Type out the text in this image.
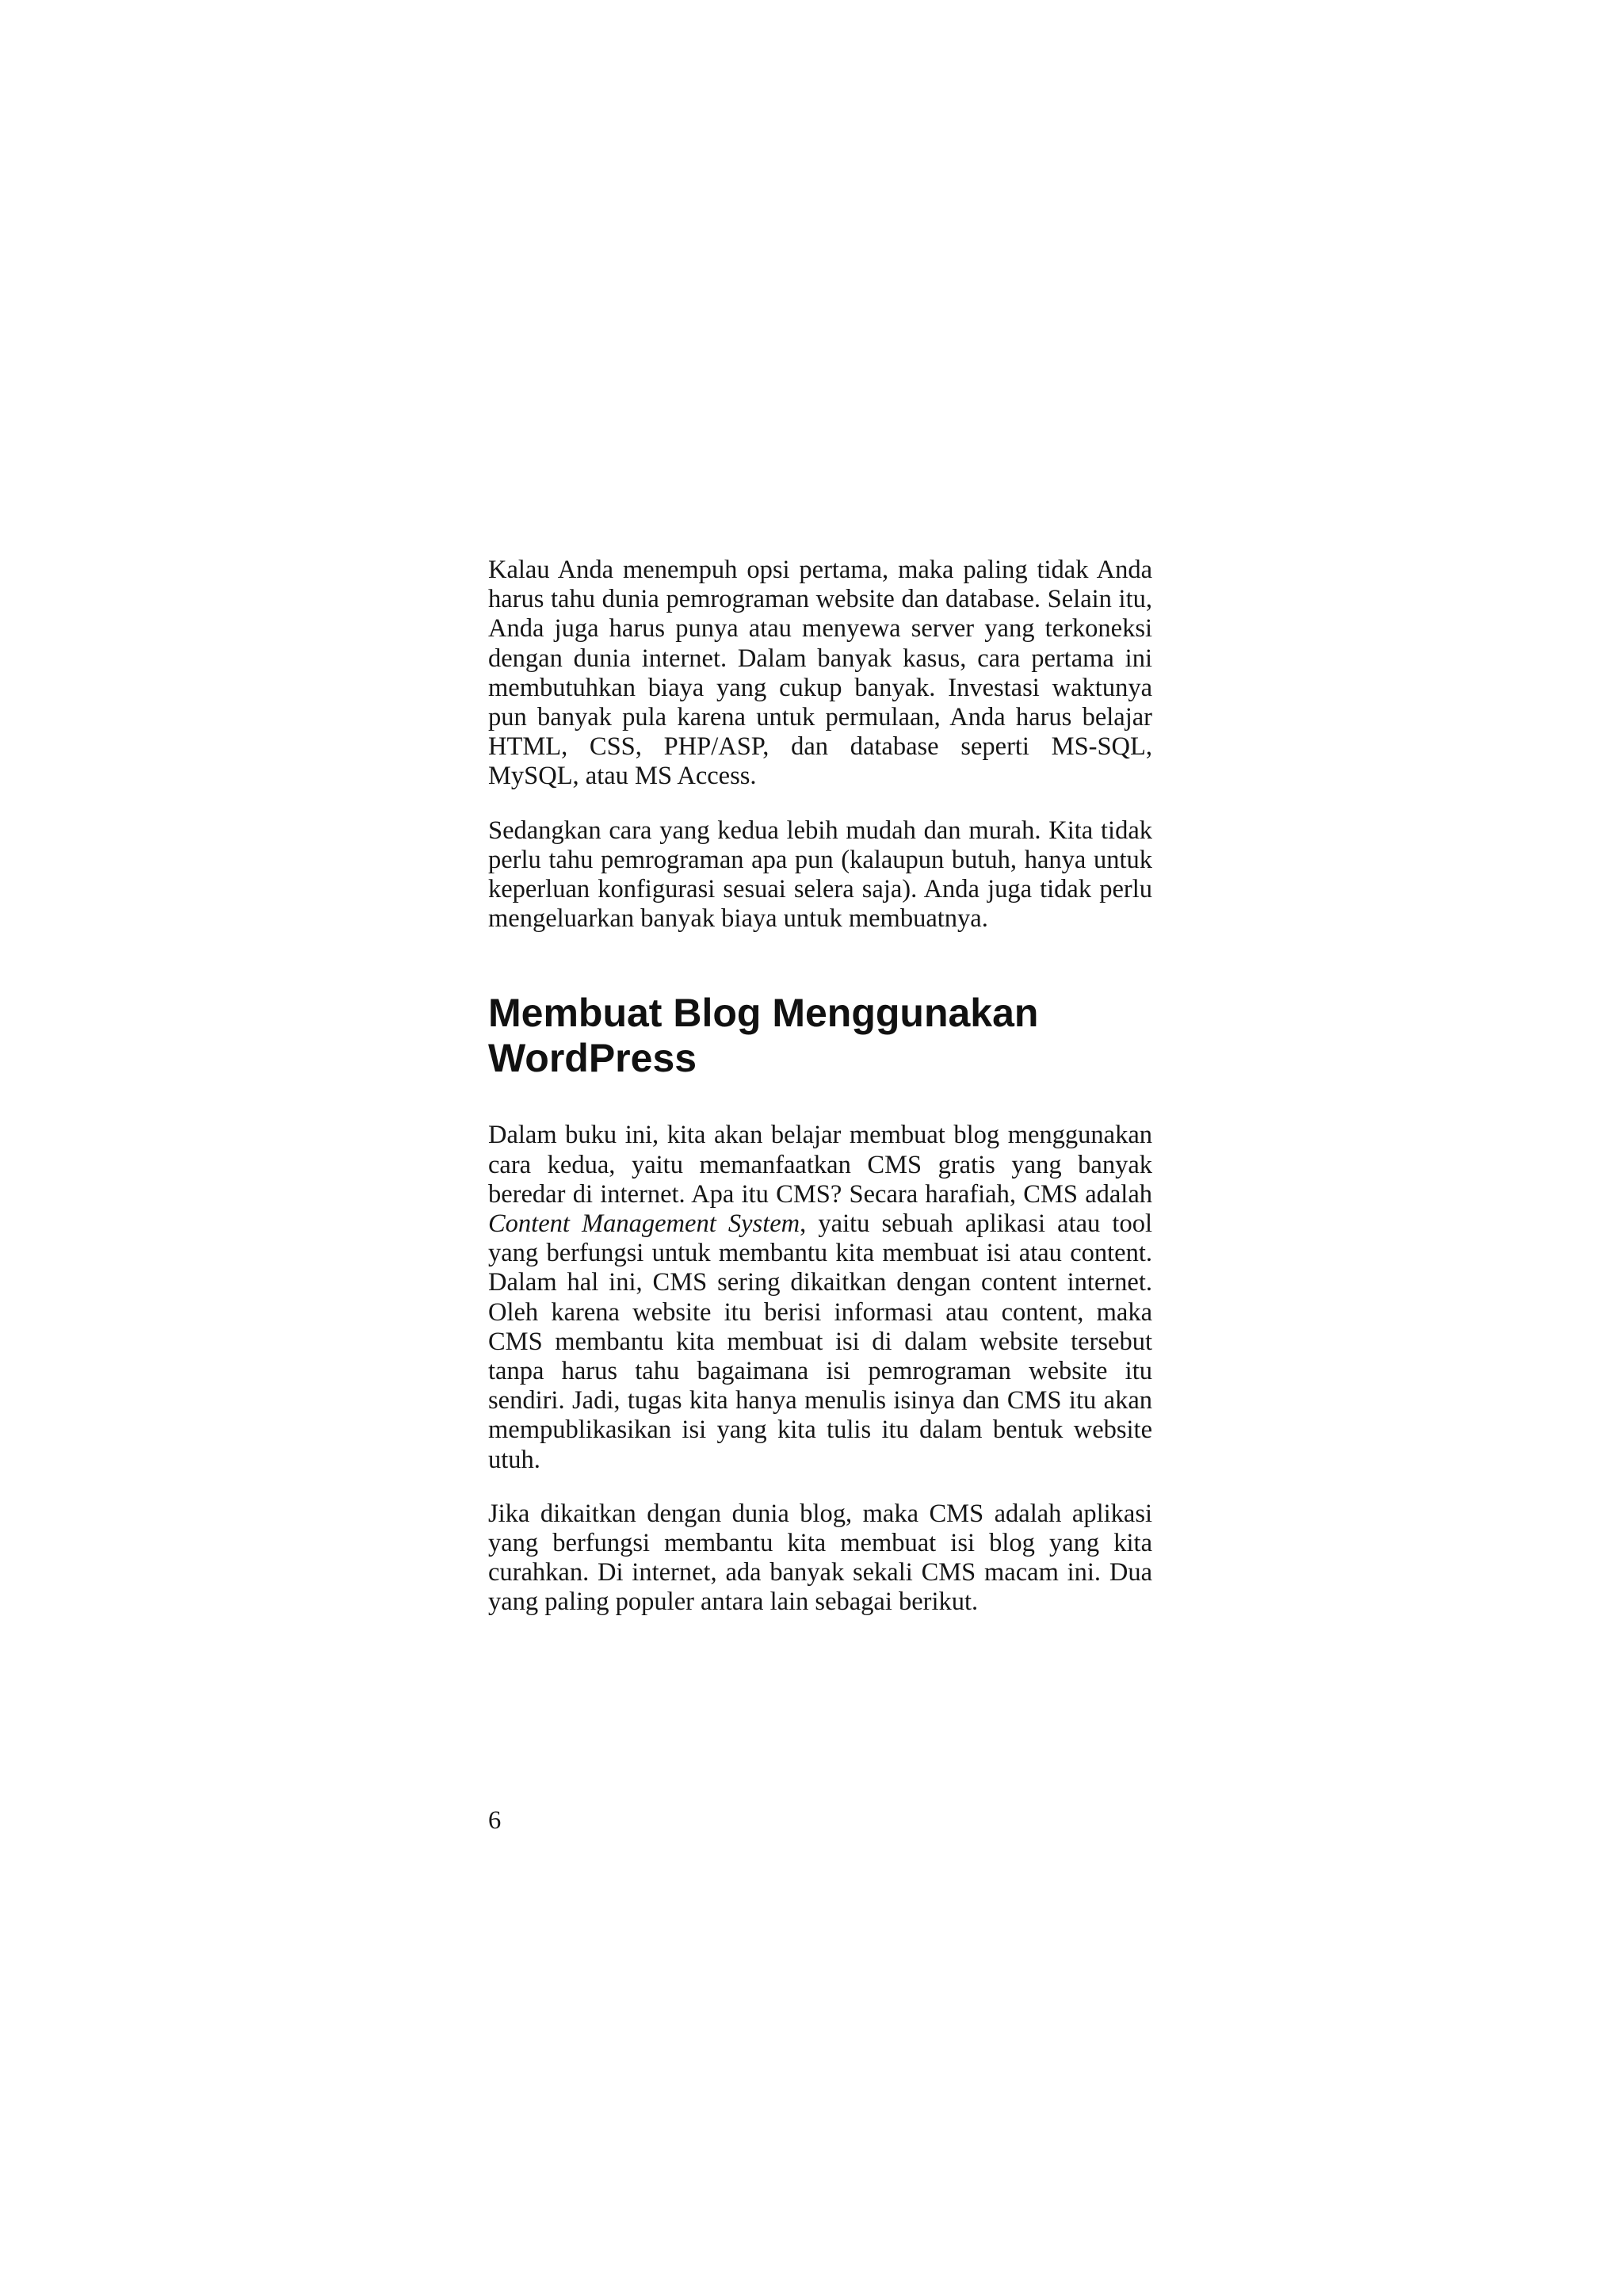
Kalau Anda menempuh opsi pertama, maka paling tidak Anda harus tahu dunia pemrograman website dan database. Selain itu, Anda juga harus punya atau menyewa server yang terkoneksi dengan dunia internet. Dalam banyak kasus, cara pertama ini membutuhkan biaya yang cukup banyak. Investasi waktunya pun banyak pula karena untuk permulaan, Anda harus belajar HTML, CSS, PHP/ASP, dan database seperti MS-SQL, MySQL, atau MS Access.

Sedangkan cara yang kedua lebih mudah dan murah. Kita tidak perlu tahu pemrograman apa pun (kalaupun butuh, hanya untuk keperluan konfigurasi sesuai selera saja). Anda juga tidak perlu mengeluarkan banyak biaya untuk membuatnya.

Membuat Blog Menggunakan WordPress

Dalam buku ini, kita akan belajar membuat blog menggunakan cara kedua, yaitu memanfaatkan CMS gratis yang banyak beredar di internet. Apa itu CMS? Secara harafiah, CMS adalah Content Management System, yaitu sebuah aplikasi atau tool yang berfungsi untuk membantu kita membuat isi atau content. Dalam hal ini, CMS sering dikaitkan dengan content internet. Oleh karena website itu berisi informasi atau content, maka CMS membantu kita membuat isi di dalam website tersebut tanpa harus tahu bagaimana isi pemrograman website itu sendiri. Jadi, tugas kita hanya menulis isinya dan CMS itu akan mempublikasikan isi yang kita tulis itu dalam bentuk website utuh.

Jika dikaitkan dengan dunia blog, maka CMS adalah aplikasi yang berfungsi membantu kita membuat isi blog yang kita curahkan. Di internet, ada banyak sekali CMS macam ini. Dua yang paling populer antara lain sebagai berikut.

6
